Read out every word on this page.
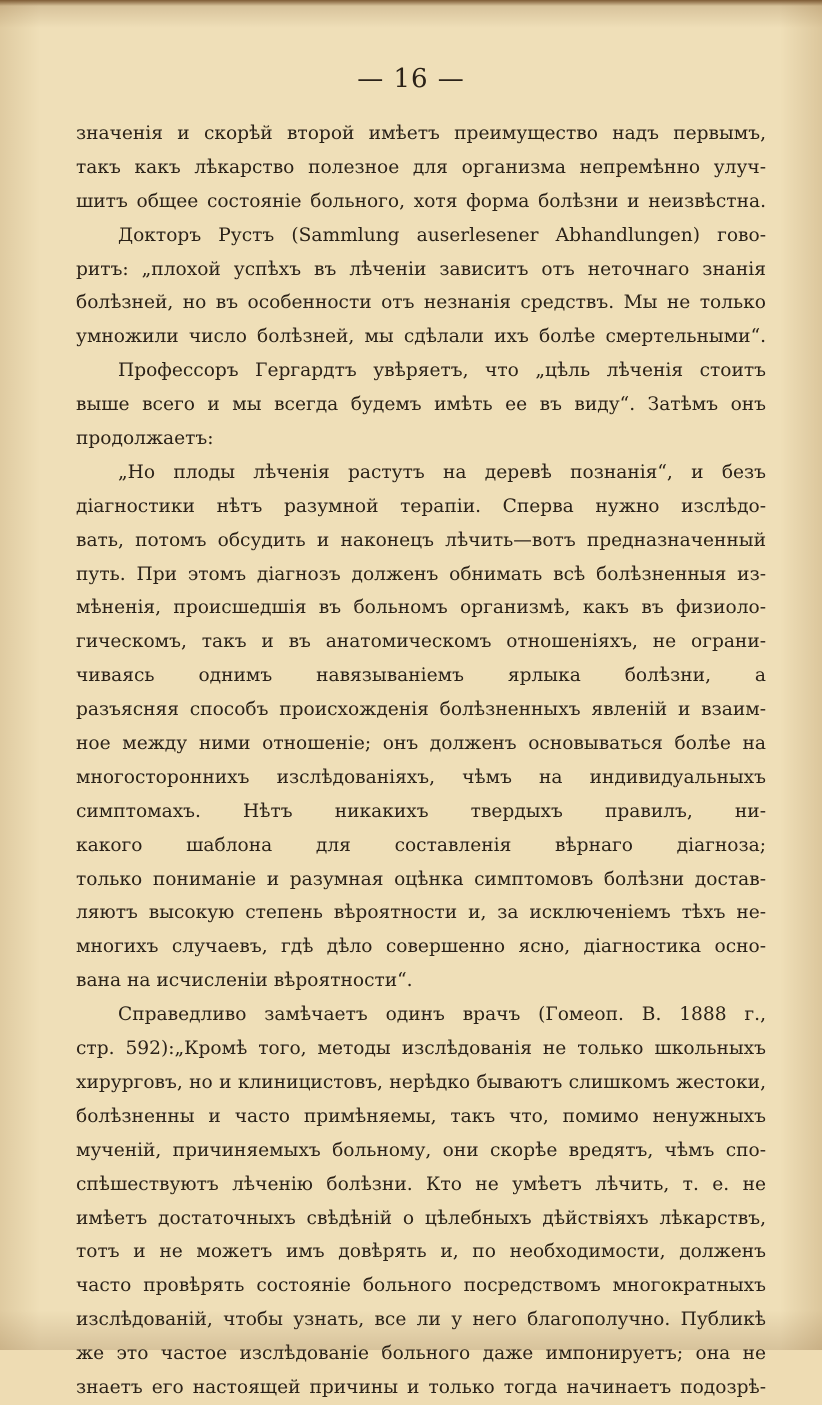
— 16 —
значенія и скорѣй второй имѣетъ преимущество надъ первымъ,
такъ какъ лѣкарство полезное для организма непремѣнно улуч-
шитъ общее состояніе больного, хотя форма болѣзни и неизвѣстна.
Докторъ Рустъ (Sammlung auserlesener Abhandlungen) гово-
ритъ: „плохой успѣхъ въ лѣченіи зависитъ отъ неточнаго знанія
болѣзней, но въ особенности отъ незнанія средствъ. Мы не только
умножили число болѣзней, мы сдѣлали ихъ болѣе смертельными“.
Профессоръ Гергардтъ увѣряетъ, что „цѣль лѣченія стоитъ
выше всего и мы всегда будемъ имѣть ее въ виду“. Затѣмъ онъ
продолжаетъ:
„Но плоды лѣченія растутъ на деревѣ познанія“, и безъ
діагностики нѣтъ разумной терапіи. Сперва нужно изслѣдо-
вать, потомъ обсудить и наконецъ лѣчить—вотъ предназначенный
путь. При этомъ діагнозъ долженъ обнимать всѣ болѣзненныя из-
мѣненія, происшедшія въ больномъ организмѣ, какъ въ физиоло-
гическомъ, такъ и въ анатомическомъ отношеніяхъ, не ограни-
чиваясь однимъ навязываніемъ ярлыка болѣзни, а
разъясняя способъ происхожденія болѣзненныхъ явленій и взаим-
ное между ними отношеніе; онъ долженъ основываться болѣе на
многостороннихъ изслѣдованіяхъ, чѣмъ на индивидуальныхъ
симптомахъ. Нѣтъ никакихъ твердыхъ правилъ, ни-
какого шаблона для составленія вѣрнаго діагноза;
только пониманіе и разумная оцѣнка симптомовъ болѣзни достав-
ляютъ высокую степень вѣроятности и, за исключеніемъ тѣхъ не-
многихъ случаевъ, гдѣ дѣло совершенно ясно, діагностика осно-
вана на исчисленіи вѣроятности“.
Справедливо замѣчаетъ одинъ врачъ (Гомеоп. В. 1888 г.,
стр. 592):„Кромѣ того, методы изслѣдованія не только школьныхъ
хирурговъ, но и клиницистовъ, нерѣдко бываютъ слишкомъ жестоки,
болѣзненны и часто примѣняемы, такъ что, помимо ненужныхъ
мученій, причиняемыхъ больному, они скорѣе вредятъ, чѣмъ спо-
спѣшествуютъ лѣченію болѣзни. Кто не умѣетъ лѣчить, т. е. не
имѣетъ достаточныхъ свѣдѣній о цѣлебныхъ дѣйствіяхъ лѣкарствъ,
тотъ и не можетъ имъ довѣрять и, по необходимости, долженъ
часто провѣрять состояніе больного посредствомъ многократныхъ
изслѣдованій, чтобы узнать, все ли у него благополучно. Публикѣ
же это частое изслѣдованіе больного даже импонируетъ; она не
знаетъ его настоящей причины и только тогда начинаетъ подозрѣ-
